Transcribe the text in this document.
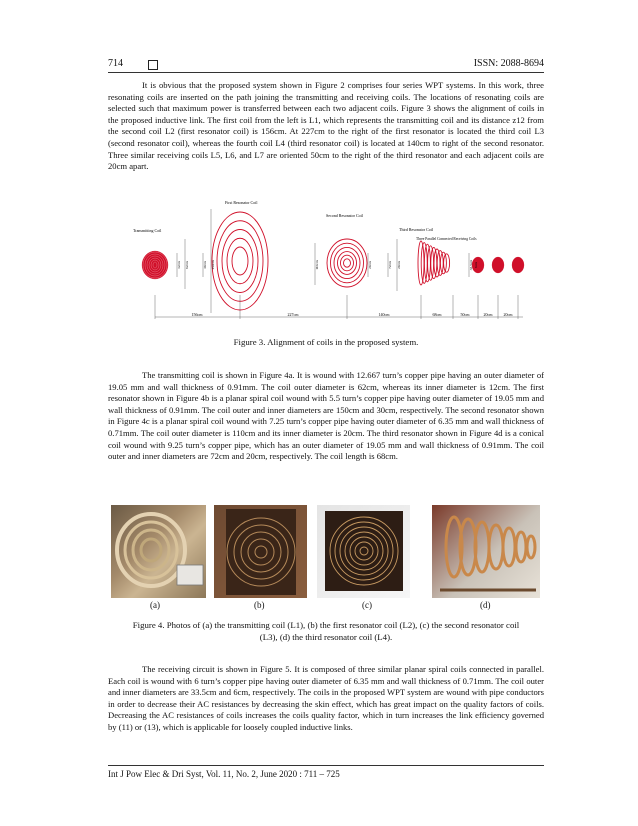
714	ISSN: 2088-8694

It is obvious that the proposed system shown in Figure 2 comprises four series WPT systems. In this work, three resonating coils are inserted on the path joining the transmitting and receiving coils. The locations of resonating coils are selected such that maximum power is transferred between each two adjacent coils. Figure 3 shows the alignment of coils in the proposed inductive link. The first coil from the left is L1, which represents the transmitting coil and its distance z12 from the second coil L2 (first resonator coil) is 156cm. At 227cm to the right of the first resonator is located the third coil L3 (second resonator coil), whereas the fourth coil L4 (third resonator coil) is located at 140cm to right of the second resonator. Three similar receiving coils L5, L6, and L7 are oriented 50cm to the right of the third resonator and each adjacent coils are 20cm apart.

Transmitting Coil
First Resonator Coil
Second Resonator Coil
Third Resonator Coil
Three Parallel Connected Receiving Coils
12cm 62cm	30cm 150cm	110cm	20cm	72cm 20cm	33.5cm 6cm
156cm	227cm	140cm	68cm	50cm	20cm	20cm

Figure 3. Alignment of coils in the proposed system.

The transmitting coil is shown in Figure 4a. It is wound with 12.667 turn’s copper pipe having an outer diameter of 19.05 mm and wall thickness of 0.91mm. The coil outer diameter is 62cm, whereas its inner diameter is 12cm. The first resonator shown in Figure 4b is a planar spiral coil wound with 5.5 turn’s copper pipe having outer diameter of 19.05 mm and wall thickness of 0.91mm. The coil outer and inner diameters are 150cm and 30cm, respectively. The second resonator shown in Figure 4c is a planar spiral coil wound with 7.25 turn’s copper pipe having outer diameter of 6.35 mm and wall thickness of 0.71mm. The coil outer diameter is 110cm and its inner diameter is 20cm. The third resonator shown in Figure 4d is a conical coil wound with 9.25 turn’s copper pipe, which has an outer diameter of 19.05 mm and wall thickness of 0.91mm. The coil outer and inner diameters are 72cm and 20cm, respectively. The coil length is 68cm.

(a)	(b)	(c)	(d)

Figure 4. Photos of (a) the transmitting coil (L1), (b) the first resonator coil (L2), (c) the second resonator coil

(L3), (d) the third resonator coil (L4).

The receiving circuit is shown in Figure 5. It is composed of three similar planar spiral coils connected in parallel. Each coil is wound with 6 turn’s copper pipe having outer diameter of 6.35 mm and wall thickness of 0.71mm. The coil outer and inner diameters are 33.5cm and 6cm, respectively. The coils in the proposed WPT system are wound with pipe conductors in order to decrease their AC resistances by decreasing the skin effect, which has great impact on the quality factors of coils. Decreasing the AC resistances of coils increases the coils quality factor, which in turn increases the link efficiency governed by (11) or (13), which is applicable for loosely coupled inductive links.

Int J Pow Elec & Dri Syst, Vol. 11, No. 2, June 2020 : 711 – 725
